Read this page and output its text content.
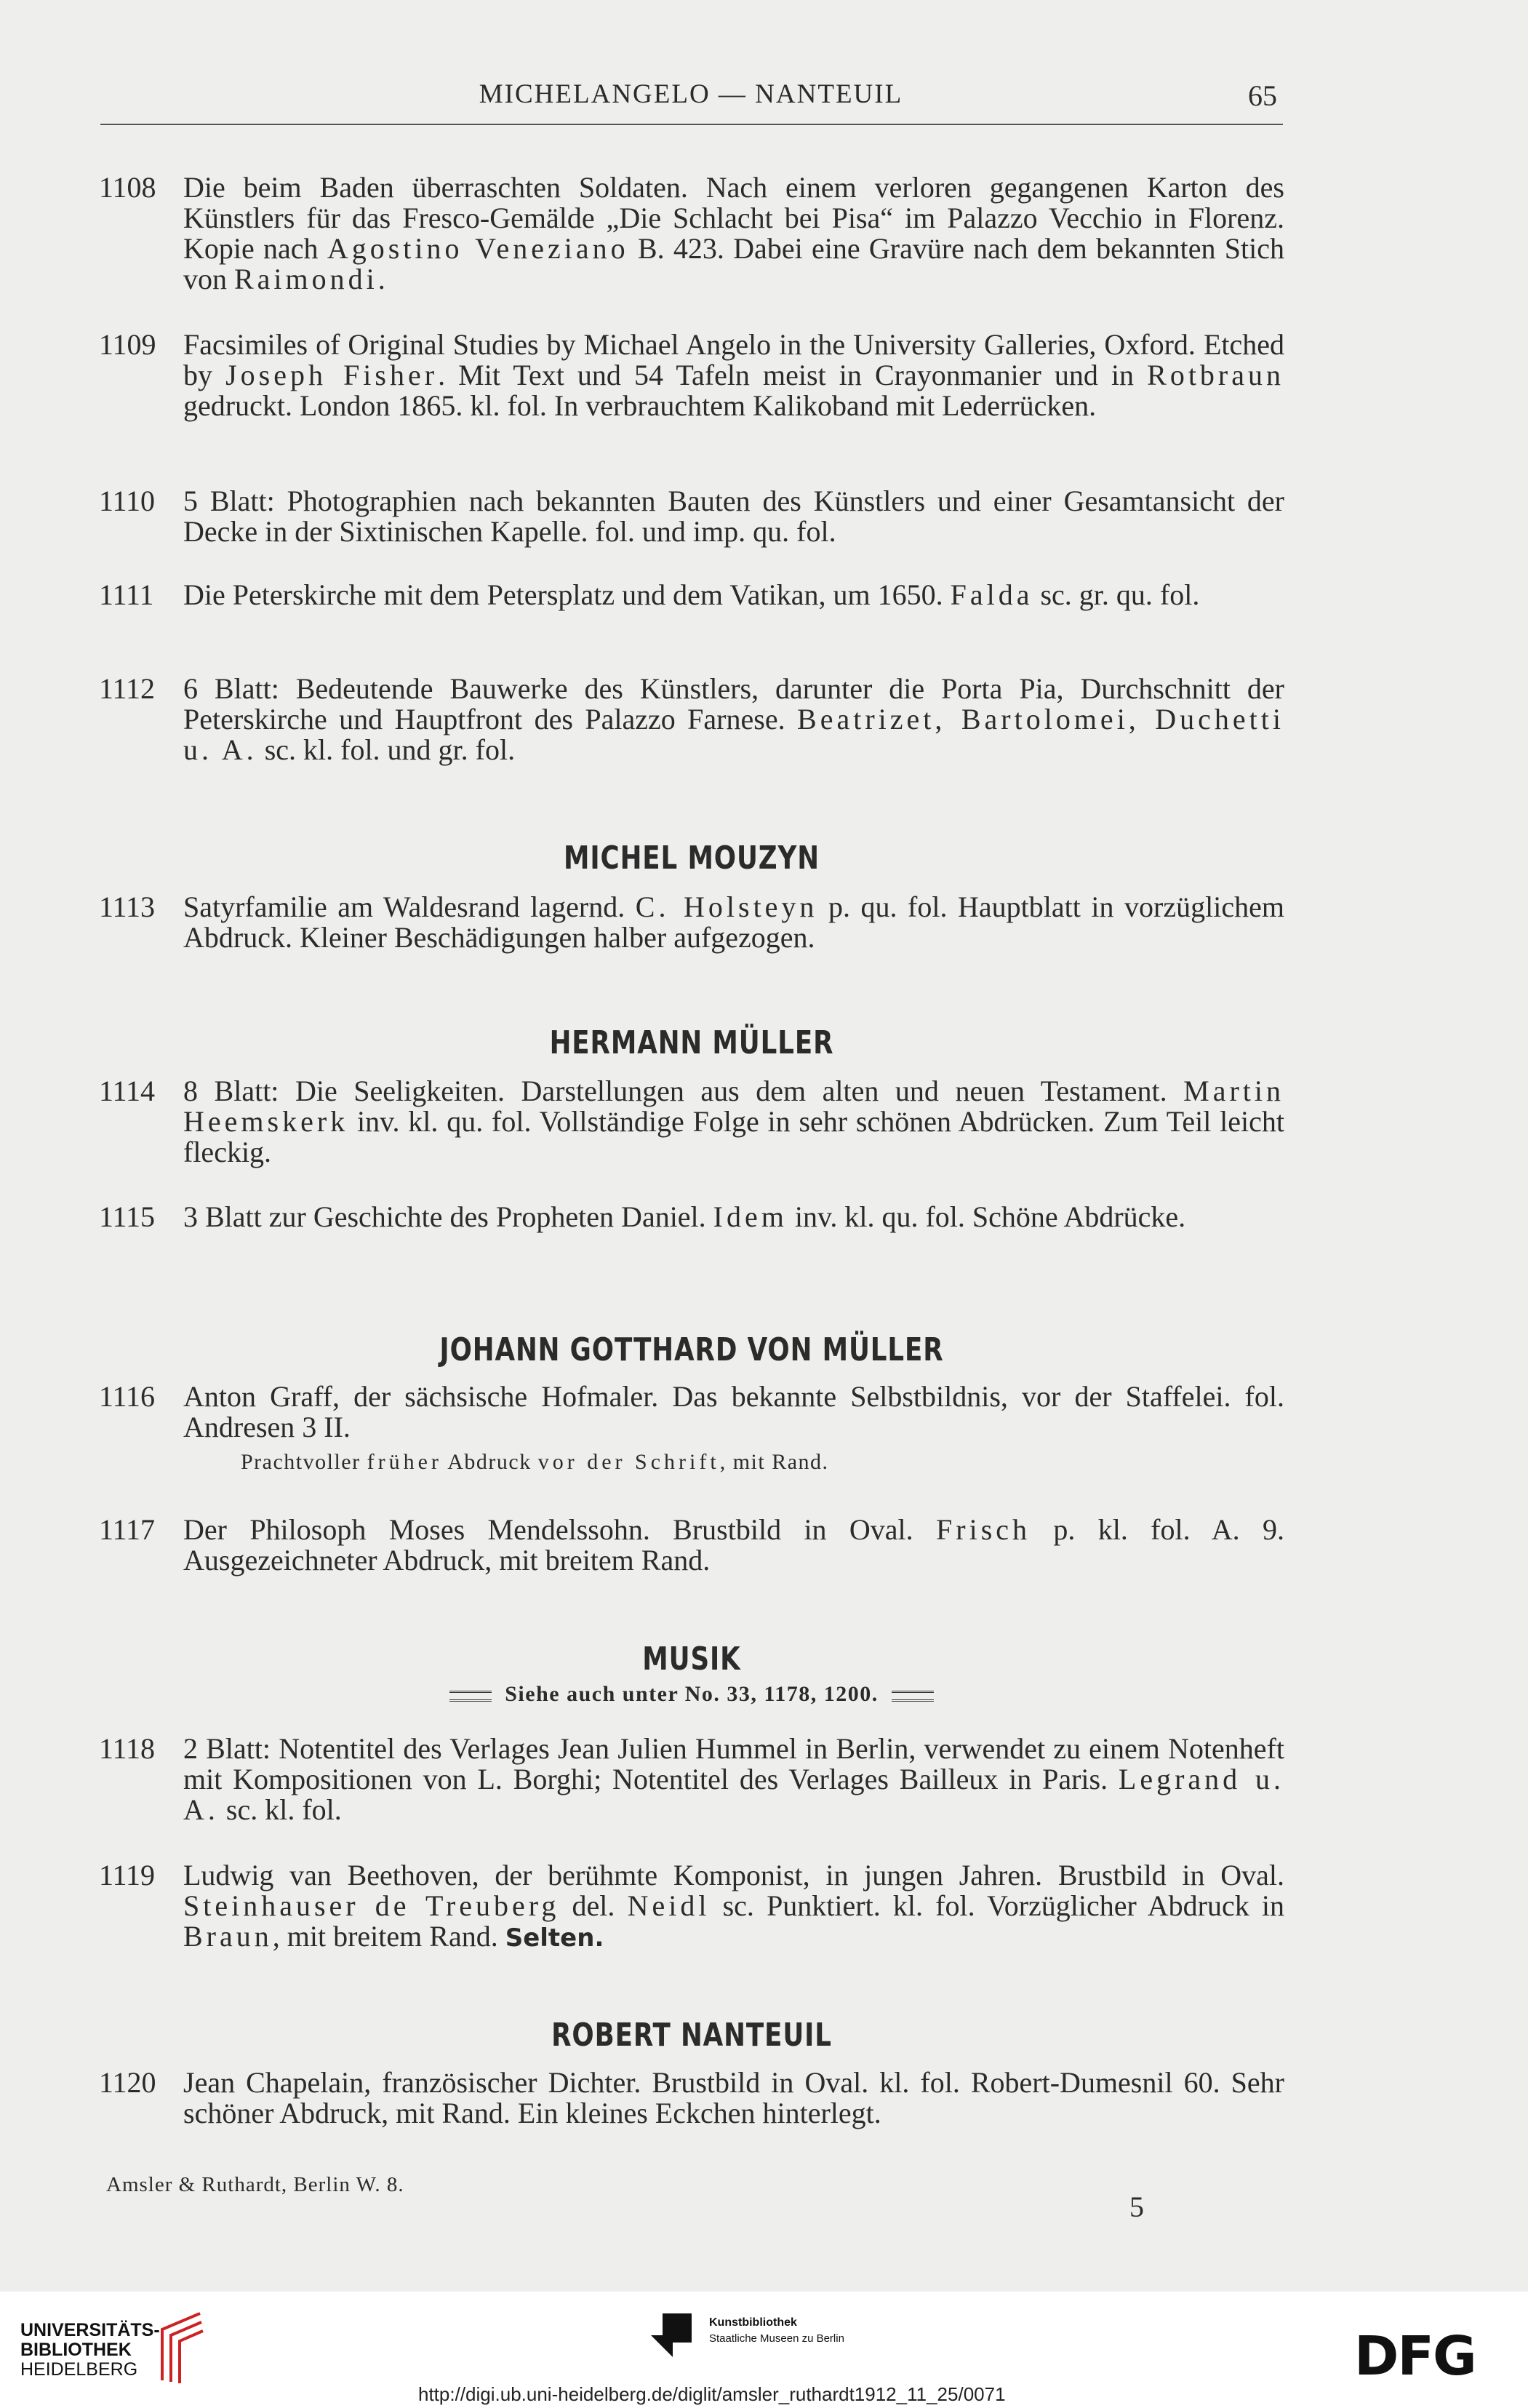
MICHELANGELO — NANTEUIL	65
1108 Die beim Baden überraschten Soldaten. Nach einem verloren gegangenen Karton des Künstlers für das Fresco-Gemälde „Die Schlacht bei Pisa“ im Palazzo Vecchio in Florenz. Kopie nach Agostino Veneziano B. 423. Dabei eine Gravüre nach dem bekannten Stich von Raimondi.
1109 Facsimiles of Original Studies by Michael Angelo in the University Galleries, Oxford. Etched by Joseph Fisher. Mit Text und 54 Tafeln meist in Crayonmanier und in Rotbraun gedruckt. London 1865. kl. fol. In verbrauchtem Kalikoband mit Lederrücken.
1110 5 Blatt: Photographien nach bekannten Bauten des Künstlers und einer Gesamtansicht der Decke in der Sixtinischen Kapelle. fol. und imp. qu. fol.
1111	Die Peterskirche mit dem Petersplatz und dem Vatikan, um 1650. Falda sc. gr. qu. fol.
1112 6 Blatt: Bedeutende Bauwerke des Künstlers, darunter die Porta Pia, Durchschnitt der Peterskirche und Hauptfront des Palazzo Farnese. Beatrizet, Bartolomei, Duchetti u. A. sc. kl. fol. und gr. fol.
MICHEL MOUZYN
1113 Satyrfamilie am Waldesrand lagernd. C. Holsteyn p. qu. fol. Hauptblatt in vorzüglichem Abdruck. Kleiner Beschädigungen halber aufgezogen.
HERMANN MÜLLER
1114 8 Blatt: Die Seeligkeiten. Darstellungen aus dem alten und neuen Testament. Martin Heemskerk inv. kl. qu. fol. Vollständige Folge in sehr schönen Abdrücken. Zum Teil leicht fleckig.
1115 3 Blatt zur Geschichte des Propheten Daniel. Idem inv. kl. qu. fol. Schöne Abdrücke.
JOHANN GOTTHARD VON MÜLLER
1116 Anton Graff, der sächsische Hofmaler. Das bekannte Selbstbildnis, vor der Staffelei. fol. Andresen 3 II.
Prachtvoller früher Abdruck vor der Schrift, mit Rand.
1117 Der Philosoph Moses Mendelssohn. Brustbild in Oval. Frisch p. kl. fol. A. 9. Ausgezeichneter Abdruck, mit breitem Rand.
MUSIK
Siehe auch unter No. 33, 1178, 1200.
1118 2 Blatt: Notentitel des Verlages Jean Julien Hummel in Berlin, verwendet zu einem Notenheft mit Kompositionen von L. Borghi; Notentitel des Verlages Bailleux in Paris. Legrand u. A. sc. kl. fol.
1119 Ludwig van Beethoven, der berühmte Komponist, in jungen Jahren. Brustbild in Oval. Steinhauser de Treuberg del. Neidl sc. Punktiert. kl. fol. Vorzüglicher Abdruck in Braun, mit breitem Rand. Selten.
ROBERT NANTEUIL
1120 Jean Chapelain, französischer Dichter. Brustbild in Oval. kl. fol. Robert-Dumesnil 60. Sehr schöner Abdruck, mit Rand. Ein kleines Eckchen hinterlegt.
Amsler & Ruthardt, Berlin W. 8.
5
UNIVERSITÄTS-
BIBLIOTHEK
HEIDELBERG
Kunstbibliothek
Staatliche Museen zu Berlin	DFG
http://digi.ub.uni-heidelberg.de/diglit/amsler_ruthardt1912_11_25/0071
